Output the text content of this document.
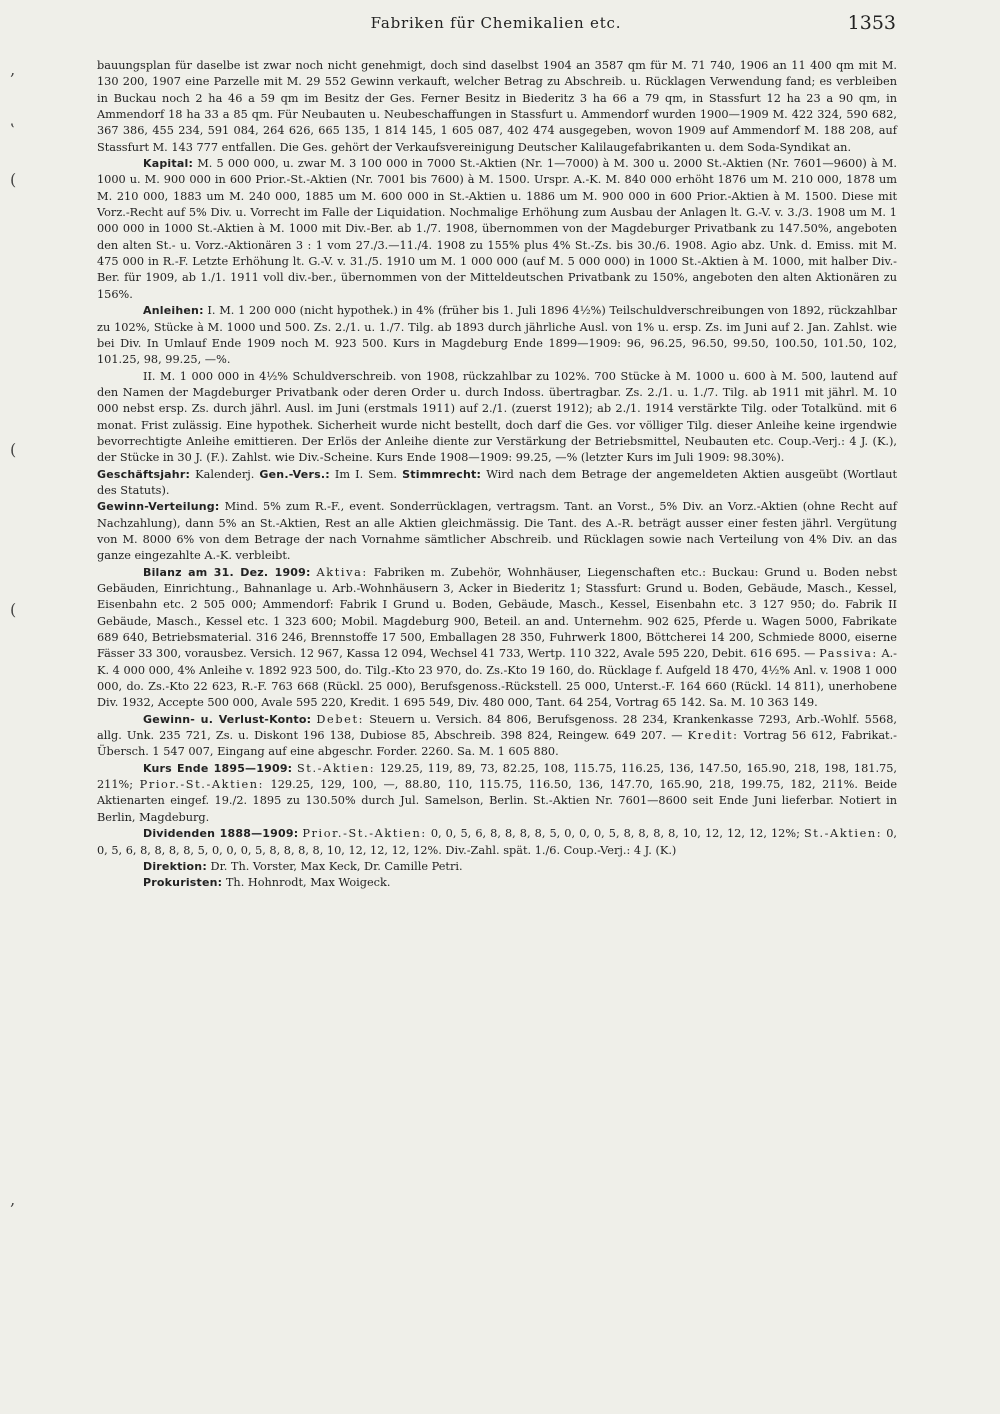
Fabriken für Chemikalien etc.	1353
‚
‛
(
(
(
‚

bauungsplan für daselbe ist zwar noch nicht genehmigt, doch sind daselbst 1904 an 3587 qm für M. 71 740, 1906 an 11 400 qm mit M. 130 200, 1907 eine Parzelle mit M. 29 552 Gewinn verkauft, welcher Betrag zu Abschreib. u. Rücklagen Verwendung fand; es verbleiben in Buckau noch 2 ha 46 a 59 qm im Besitz der Ges. Ferner Besitz in Biederitz 3 ha 66 a 79 qm, in Stassfurt 12 ha 23 a 90 qm, in Ammendorf 18 ha 33 a 85 qm. Für Neubauten u. Neubeschaffungen in Stassfurt u. Ammendorf wurden 1900—1909 M. 422 324, 590 682, 367 386, 455 234, 591 084, 264 626, 665 135, 1 814 145, 1 605 087, 402 474 ausgegeben, wovon 1909 auf Ammendorf M. 188 208, auf Stassfurt M. 143 777 entfallen. Die Ges. gehört der Verkaufsvereinigung Deutscher Kalilaugefabrikanten u. dem Soda-Syndikat an.

Kapital: M. 5 000 000, u. zwar M. 3 100 000 in 7000 St.-Aktien (Nr. 1—7000) à M. 300 u. 2000 St.-Aktien (Nr. 7601—9600) à M. 1000 u. M. 900 000 in 600 Prior.-St.-Aktien (Nr. 7001 bis 7600) à M. 1500. Urspr. A.-K. M. 840 000 erhöht 1876 um M. 210 000, 1878 um M. 210 000, 1883 um M. 240 000, 1885 um M. 600 000 in St.-Aktien u. 1886 um M. 900 000 in 600 Prior.-Aktien à M. 1500. Diese mit Vorz.-Recht auf 5% Div. u. Vorrecht im Falle der Liquidation. Nochmalige Erhöhung zum Ausbau der Anlagen lt. G.-V. v. 3./3. 1908 um M. 1 000 000 in 1000 St.-Aktien à M. 1000 mit Div.-Ber. ab 1./7. 1908, übernommen von der Magdeburger Privatbank zu 147.50%, angeboten den alten St.- u. Vorz.-Aktionären 3 : 1 vom 27./3.—11./4. 1908 zu 155% plus 4% St.-Zs. bis 30./6. 1908. Agio abz. Unk. d. Emiss. mit M. 475 000 in R.-F. Letzte Erhöhung lt. G.-V. v. 31./5. 1910 um M. 1 000 000 (auf M. 5 000 000) in 1000 St.-Aktien à M. 1000, mit halber Div.-Ber. für 1909, ab 1./1. 1911 voll div.-ber., übernommen von der Mitteldeutschen Privatbank zu 150%, angeboten den alten Aktionären zu 156%.

Anleihen: I. M. 1 200 000 (nicht hypothek.) in 4% (früher bis 1. Juli 1896 4½%) Teilschuldverschreibungen von 1892, rückzahlbar zu 102%, Stücke à M. 1000 und 500. Zs. 2./1. u. 1./7. Tilg. ab 1893 durch jährliche Ausl. von 1% u. ersp. Zs. im Juni auf 2. Jan. Zahlst. wie bei Div. In Umlauf Ende 1909 noch M. 923 500. Kurs in Magdeburg Ende 1899—1909: 96, 96.25, 96.50, 99.50, 100.50, 101.50, 102, 101.25, 98, 99.25, —%.

II. M. 1 000 000 in 4½% Schuldverschreib. von 1908, rückzahlbar zu 102%. 700 Stücke à M. 1000 u. 600 à M. 500, lautend auf den Namen der Magdeburger Privatbank oder deren Order u. durch Indoss. übertragbar. Zs. 2./1. u. 1./7. Tilg. ab 1911 mit jährl. M. 10 000 nebst ersp. Zs. durch jährl. Ausl. im Juni (erstmals 1911) auf 2./1. (zuerst 1912); ab 2./1. 1914 verstärkte Tilg. oder Totalkünd. mit 6 monat. Frist zulässig. Eine hypothek. Sicherheit wurde nicht bestellt, doch darf die Ges. vor völliger Tilg. dieser Anleihe keine irgendwie bevorrechtigte Anleihe emittieren. Der Erlös der Anleihe diente zur Verstärkung der Betriebsmittel, Neubauten etc. Coup.-Verj.: 4 J. (K.), der Stücke in 30 J. (F.). Zahlst. wie Div.-Scheine. Kurs Ende 1908—1909: 99.25, —% (letzter Kurs im Juli 1909: 98.30%).

Geschäftsjahr: Kalenderj. Gen.-Vers.: Im I. Sem. Stimmrecht: Wird nach dem Betrage der angemeldeten Aktien ausgeübt (Wortlaut des Statuts).

Gewinn-Verteilung: Mind. 5% zum R.-F., event. Sonderrücklagen, vertragsm. Tant. an Vorst., 5% Div. an Vorz.-Aktien (ohne Recht auf Nachzahlung), dann 5% an St.-Aktien, Rest an alle Aktien gleichmässig. Die Tant. des A.-R. beträgt ausser einer festen jährl. Vergütung von M. 8000 6% von dem Betrage der nach Vornahme sämtlicher Abschreib. und Rücklagen sowie nach Verteilung von 4% Div. an das ganze eingezahlte A.-K. verbleibt.

Bilanz am 31. Dez. 1909: Aktiva: Fabriken m. Zubehör, Wohnhäuser, Liegenschaften etc.: Buckau: Grund u. Boden nebst Gebäuden, Einrichtung., Bahnanlage u. Arb.-Wohnhäusern 3, Acker in Biederitz 1; Stassfurt: Grund u. Boden, Gebäude, Masch., Kessel, Eisenbahn etc. 2 505 000; Ammendorf: Fabrik I Grund u. Boden, Gebäude, Masch., Kessel, Eisenbahn etc. 3 127 950; do. Fabrik II Gebäude, Masch., Kessel etc. 1 323 600; Mobil. Magdeburg 900, Beteil. an and. Unternehm. 902 625, Pferde u. Wagen 5000, Fabrikate 689 640, Betriebsmaterial. 316 246, Brennstoffe 17 500, Emballagen 28 350, Fuhrwerk 1800, Böttcherei 14 200, Schmiede 8000, eiserne Fässer 33 300, vorausbez. Versich. 12 967, Kassa 12 094, Wechsel 41 733, Wertp. 110 322, Avale 595 220, Debit. 616 695. — Passiva: A.-K. 4 000 000, 4% Anleihe v. 1892 923 500, do. Tilg.-Kto 23 970, do. Zs.-Kto 19 160, do. Rücklage f. Aufgeld 18 470, 4½% Anl. v. 1908 1 000 000, do. Zs.-Kto 22 623, R.-F. 763 668 (Rückl. 25 000), Berufsgenoss.-Rückstell. 25 000, Unterst.-F. 164 660 (Rückl. 14 811), unerhobene Div. 1932, Accepte 500 000, Avale 595 220, Kredit. 1 695 549, Div. 480 000, Tant. 64 254, Vortrag 65 142. Sa. M. 10 363 149.

Gewinn- u. Verlust-Konto: Debet: Steuern u. Versich. 84 806, Berufsgenoss. 28 234, Krankenkasse 7293, Arb.-Wohlf. 5568, allg. Unk. 235 721, Zs. u. Diskont 196 138, Dubiose 85, Abschreib. 398 824, Reingew. 649 207. — Kredit: Vortrag 56 612, Fabrikat.-Übersch. 1 547 007, Eingang auf eine abgeschr. Forder. 2260. Sa. M. 1 605 880.

Kurs Ende 1895—1909: St.-Aktien: 129.25, 119, 89, 73, 82.25, 108, 115.75, 116.25, 136, 147.50, 165.90, 218, 198, 181.75, 211%; Prior.-St.-Aktien: 129.25, 129, 100, —, 88.80, 110, 115.75, 116.50, 136, 147.70, 165.90, 218, 199.75, 182, 211%. Beide Aktienarten eingef. 19./2. 1895 zu 130.50% durch Jul. Samelson, Berlin. St.-Aktien Nr. 7601—8600 seit Ende Juni lieferbar. Notiert in Berlin, Magdeburg.

Dividenden 1888—1909: Prior.-St.-Aktien: 0, 0, 5, 6, 8, 8, 8, 8, 5, 0, 0, 0, 5, 8, 8, 8, 8, 10, 12, 12, 12, 12%; St.-Aktien: 0, 0, 5, 6, 8, 8, 8, 8, 5, 0, 0, 0, 5, 8, 8, 8, 8, 10, 12, 12, 12, 12%. Div.-Zahl. spät. 1./6. Coup.-Verj.: 4 J. (K.)

Direktion: Dr. Th. Vorster, Max Keck, Dr. Camille Petri.

Prokuristen: Th. Hohnrodt, Max Woigeck.
